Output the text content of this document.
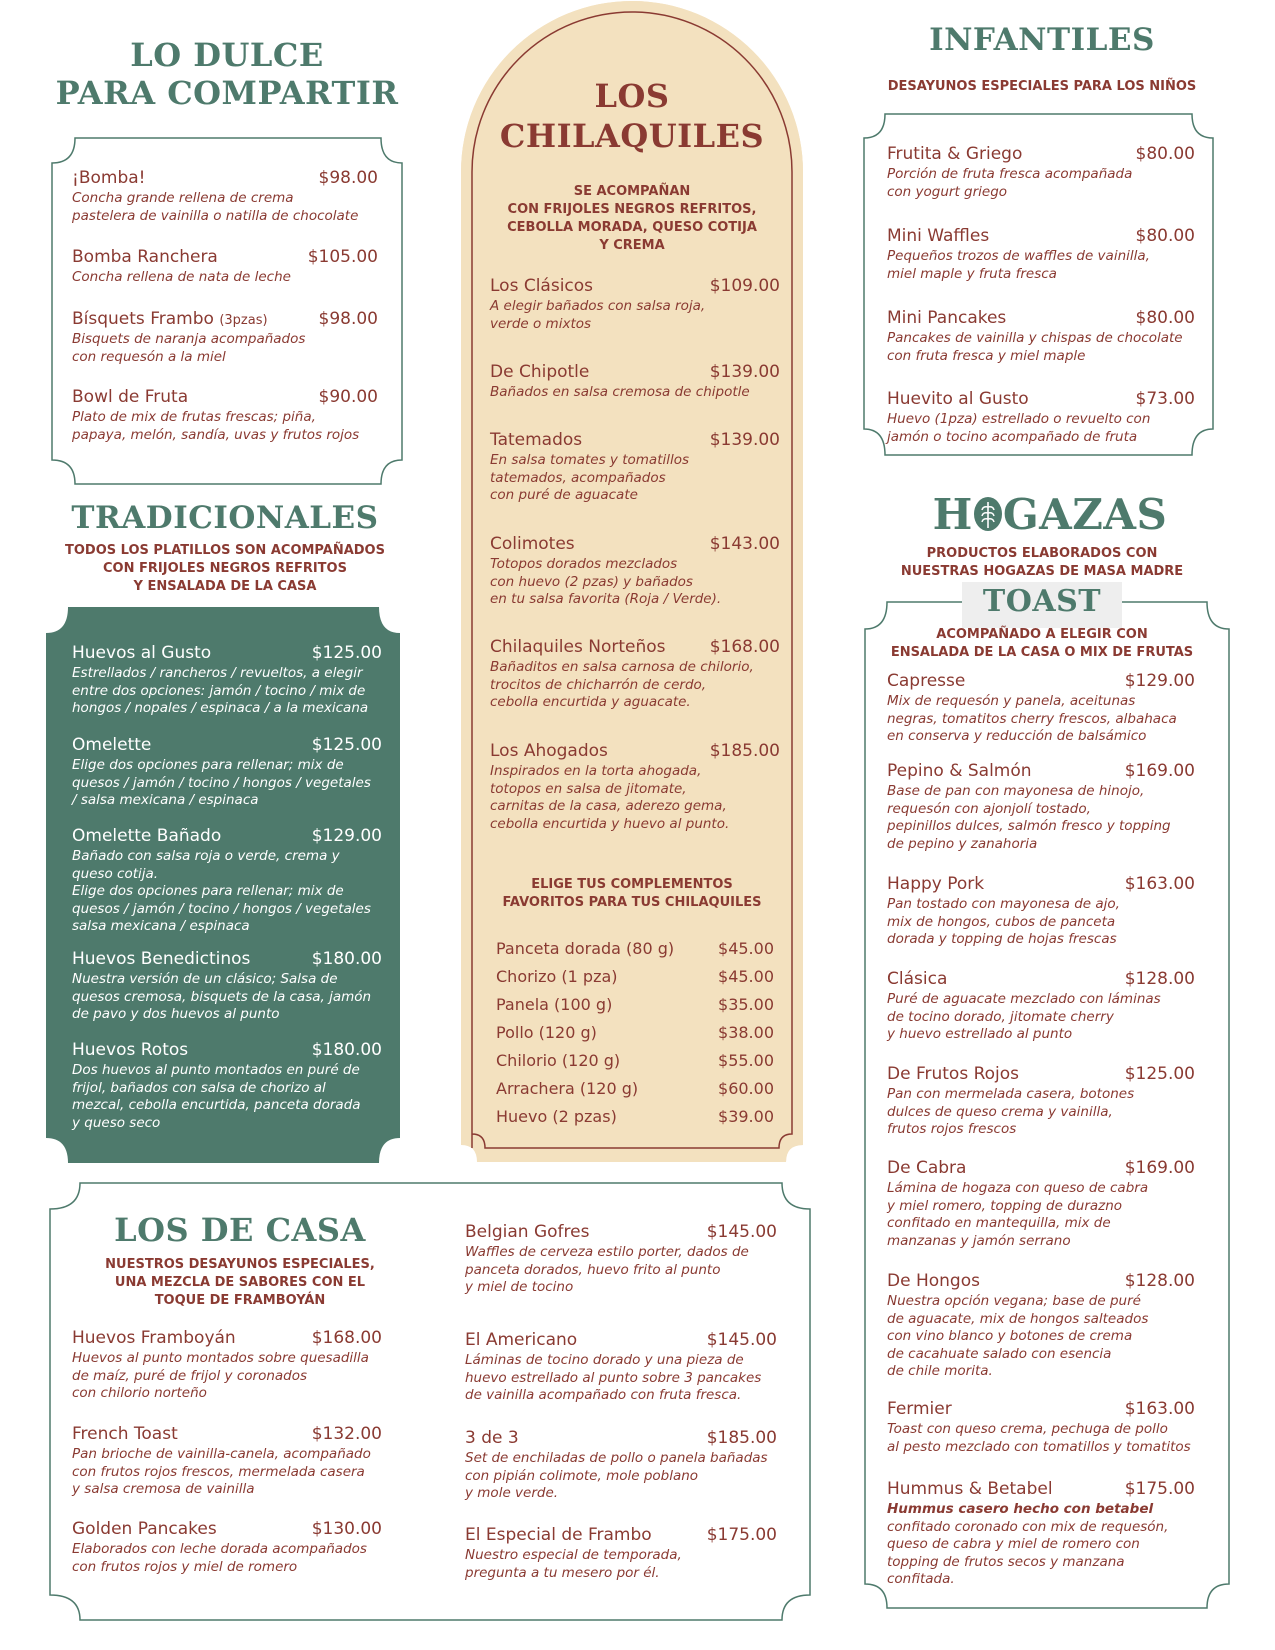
LO DULCE
PARA COMPARTIR
¡Bomba!	$98.00
Concha grande rellena de crema
pastelera de vainilla o natilla de chocolate
Bomba Ranchera	$105.00
Concha rellena de nata de leche
Bísquets Frambo (3pzas)	$98.00
Bisquets de naranja acompañados
con requesón a la miel
Bowl de Fruta	$90.00
Plato de mix de frutas frescas; piña,
papaya, melón, sandía, uvas y frutos rojos
TRADICIONALES
TODOS LOS PLATILLOS SON ACOMPAÑADOS
CON FRIJOLES NEGROS REFRITOS
Y ENSALADA DE LA CASA
Huevos al Gusto	$125.00
Estrellados / rancheros / revueltos, a elegir
entre dos opciones: jamón / tocino / mix de
hongos / nopales / espinaca / a la mexicana
Omelette	$125.00
Elige dos opciones para rellenar; mix de
quesos / jamón / tocino / hongos / vegetales
/ salsa mexicana / espinaca
Omelette Bañado	$129.00
Bañado con salsa roja o verde, crema y
queso cotija.
Elige dos opciones para rellenar; mix de
quesos / jamón / tocino / hongos / vegetales
salsa mexicana / espinaca
Huevos Benedictinos	$180.00
Nuestra versión de un clásico; Salsa de
quesos cremosa, bisquets de la casa, jamón
de pavo y dos huevos al punto
Huevos Rotos	$180.00
Dos huevos al punto montados en puré de
frijol, bañados con salsa de chorizo al
mezcal, cebolla encurtida, panceta dorada
y queso seco
LOS
CHILAQUILES
SE ACOMPAÑAN
CON FRIJOLES NEGROS REFRITOS,
CEBOLLA MORADA, QUESO COTIJA
Y CREMA
Los Clásicos	$109.00
A elegir bañados con salsa roja,
verde o mixtos
De Chipotle	$139.00
Bañados en salsa cremosa de chipotle
Tatemados	$139.00
En salsa tomates y tomatillos
tatemados, acompañados
con puré de aguacate
Colimotes	$143.00
Totopos dorados mezclados
con huevo (2 pzas) y bañados
en tu salsa favorita (Roja / Verde).
Chilaquiles Norteños	$168.00
Bañaditos en salsa carnosa de chilorio,
trocitos de chicharrón de cerdo,
cebolla encurtida y aguacate.
Los Ahogados	$185.00
Inspirados en la torta ahogada,
totopos en salsa de jitomate,
carnitas de la casa, aderezo gema,
cebolla encurtida y huevo al punto.
ELIGE TUS COMPLEMENTOS
FAVORITOS PARA TUS CHILAQUILES
Panceta dorada (80 g)	$45.00
Chorizo (1 pza)	$45.00
Panela (100 g)	$35.00
Pollo (120 g)	$38.00
Chilorio (120 g)	$55.00
Arrachera (120 g)	$60.00
Huevo (2 pzas)	$39.00
INFANTILES
DESAYUNOS ESPECIALES PARA LOS NIÑOS
Frutita & Griego	$80.00
Porción de fruta fresca acompañada
con yogurt griego
Mini Waffles	$80.00
Pequeños trozos de waffles de vainilla,
miel maple y fruta fresca
Mini Pancakes	$80.00
Pancakes de vainilla y chispas de chocolate
con fruta fresca y miel maple
Huevito al Gusto	$73.00
Huevo (1pza) estrellado o revuelto con
jamón o tocino acompañado de fruta
H GAZAS
PRODUCTOS ELABORADOS CON
NUESTRAS HOGAZAS DE MASA MADRE
TOAST
ACOMPAÑADO A ELEGIR CON
ENSALADA DE LA CASA O MIX DE FRUTAS
Capresse	$129.00
Mix de requesón y panela, aceitunas
negras, tomatitos cherry frescos, albahaca
en conserva y reducción de balsámico
Pepino & Salmón	$169.00
Base de pan con mayonesa de hinojo,
requesón con ajonjolí tostado,
pepinillos dulces, salmón fresco y topping
de pepino y zanahoria
Happy Pork	$163.00
Pan tostado con mayonesa de ajo,
mix de hongos, cubos de panceta
dorada y topping de hojas frescas
Clásica	$128.00
Puré de aguacate mezclado con láminas
de tocino dorado, jitomate cherry
y huevo estrellado al punto
De Frutos Rojos	$125.00
Pan con mermelada casera, botones
dulces de queso crema y vainilla,
frutos rojos frescos
De Cabra	$169.00
Lámina de hogaza con queso de cabra
y miel romero, topping de durazno
confitado en mantequilla, mix de
manzanas y jamón serrano
De Hongos	$128.00
Nuestra opción vegana; base de puré
de aguacate, mix de hongos salteados
con vino blanco y botones de crema
de cacahuate salado con esencia
de chile morita.
Fermier	$163.00
Toast con queso crema, pechuga de pollo
al pesto mezclado con tomatillos y tomatitos
Hummus & Betabel	$175.00
Hummus casero hecho con betabel
confitado coronado con mix de requesón,
queso de cabra y miel de romero con
topping de frutos secos y manzana confitada.
LOS DE CASA
NUESTROS DESAYUNOS ESPECIALES,
UNA MEZCLA DE SABORES CON EL
TOQUE DE FRAMBOYÁN
Huevos Framboyán	$168.00
Huevos al punto montados sobre quesadilla
de maíz, puré de frijol y coronados
con chilorio norteño
French Toast	$132.00
Pan brioche de vainilla-canela, acompañado
con frutos rojos frescos, mermelada casera
y salsa cremosa de vainilla
Golden Pancakes	$130.00
Elaborados con leche dorada acompañados
con frutos rojos y miel de romero
Belgian Gofres	$145.00
Waffles de cerveza estilo porter, dados de
panceta dorados, huevo frito al punto
y miel de tocino
El Americano	$145.00
Láminas de tocino dorado y una pieza de
huevo estrellado al punto sobre 3 pancakes
de vainilla acompañado con fruta fresca.
3 de 3	$185.00
Set de enchiladas de pollo o panela bañadas
con pipián colimote, mole poblano
y mole verde.
El Especial de Frambo	$175.00
Nuestro especial de temporada,
pregunta a tu mesero por él.
